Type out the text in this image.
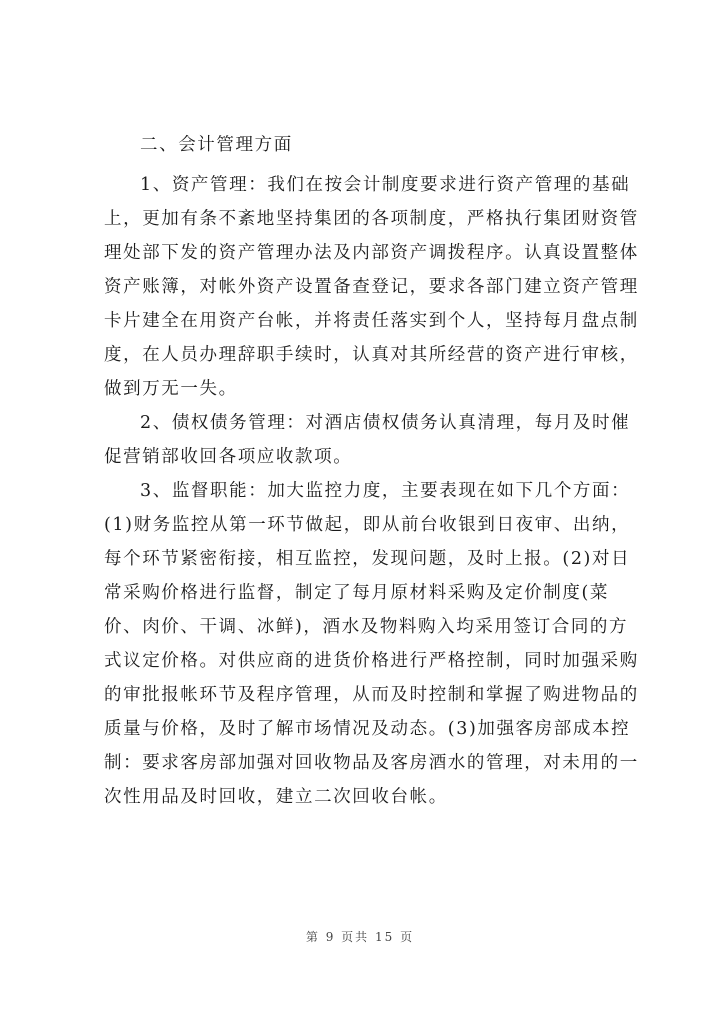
二、会计管理方面
1、资产管理：我们在按会计制度要求进行资产管理的基础
上，更加有条不紊地坚持集团的各项制度，严格执行集团财资管
理处部下发的资产管理办法及内部资产调拨程序。认真设置整体
资产账簿，对帐外资产设置备查登记，要求各部门建立资产管理
卡片建全在用资产台帐，并将责任落实到个人，坚持每月盘点制
度，在人员办理辞职手续时，认真对其所经营的资产进行审核，
做到万无一失。
2、债权债务管理：对酒店债权债务认真清理，每月及时催
促营销部收回各项应收款项。
3、监督职能：加大监控力度，主要表现在如下几个方面：
(1)财务监控从第一环节做起，即从前台收银到日夜审、出纳，
每个环节紧密衔接，相互监控，发现问题，及时上报。(2)对日
常采购价格进行监督，制定了每月原材料采购及定价制度(菜
价、肉价、干调、冰鲜)，酒水及物料购入均采用签订合同的方
式议定价格。对供应商的进货价格进行严格控制，同时加强采购
的审批报帐环节及程序管理，从而及时控制和掌握了购进物品的
质量与价格，及时了解市场情况及动态。(3)加强客房部成本控
制：要求客房部加强对回收物品及客房酒水的管理，对未用的一
次性用品及时回收，建立二次回收台帐。
第 9 页共 15 页
